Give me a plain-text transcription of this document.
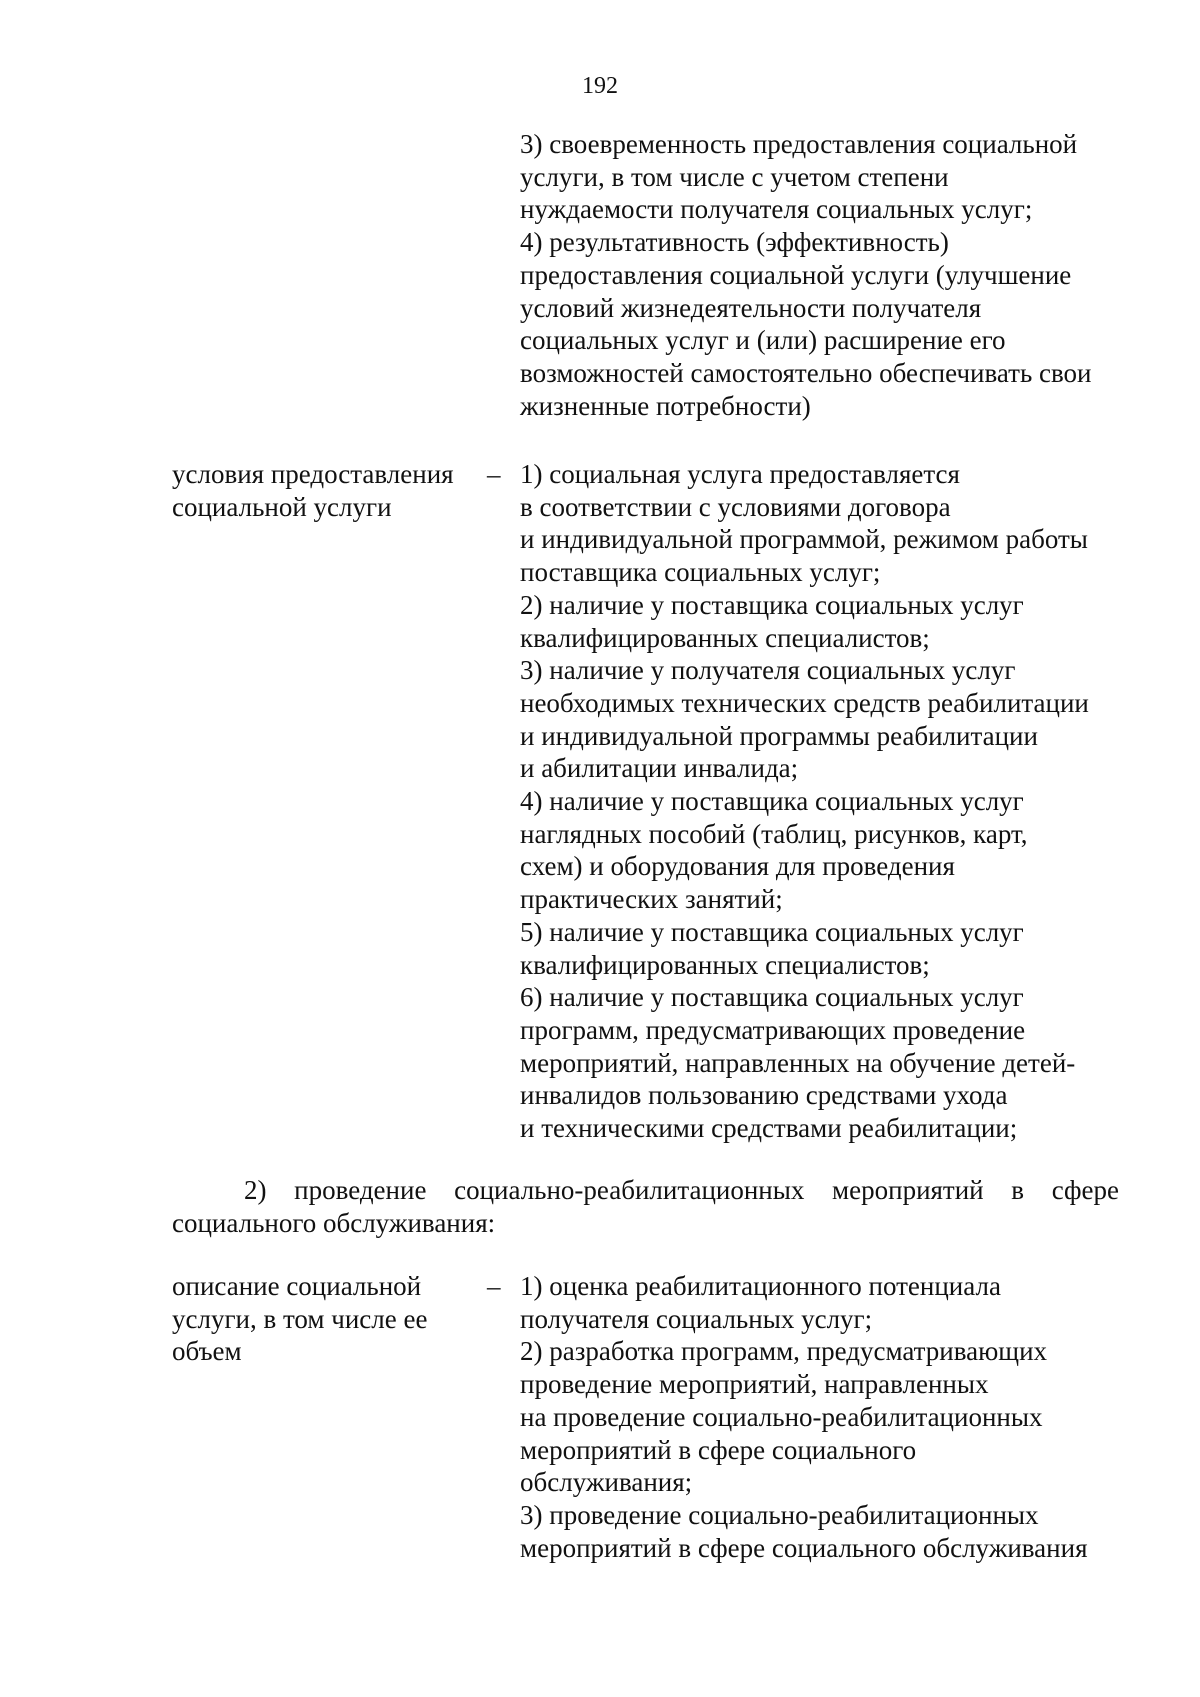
192
3) своевременность предоставления социальной
услуги, в том числе с учетом степени
нуждаемости получателя социальных услуг;
4) результативность (эффективность)
предоставления социальной услуги (улучшение
условий жизнедеятельности получателя
социальных услуг и (или) расширение его
возможностей самостоятельно обеспечивать свои
жизненные потребности)
условия предоставления
социальной услуги
– 1) социальная услуга предоставляется
в соответствии с условиями договора
и индивидуальной программой, режимом работы
поставщика социальных услуг;
2) наличие у поставщика социальных услуг
квалифицированных специалистов;
3) наличие у получателя социальных услуг
необходимых технических средств реабилитации
и индивидуальной программы реабилитации
и абилитации инвалида;
4) наличие у поставщика социальных услуг
наглядных пособий (таблиц, рисунков, карт,
схем) и оборудования для проведения
практических занятий;
5) наличие у поставщика социальных услуг
квалифицированных специалистов;
6) наличие у поставщика социальных услуг
программ, предусматривающих проведение
мероприятий, направленных на обучение детей-
инвалидов пользованию средствами ухода
и техническими средствами реабилитации;
2) проведение социально-реабилитационных мероприятий в сфере
социального обслуживания:
описание социальной
услуги, в том числе ее
объем
– 1) оценка реабилитационного потенциала
получателя социальных услуг;
2) разработка программ, предусматривающих
проведение мероприятий, направленных
на проведение социально-реабилитационных
мероприятий в сфере социального
обслуживания;
3) проведение социально-реабилитационных
мероприятий в сфере социального обслуживания
